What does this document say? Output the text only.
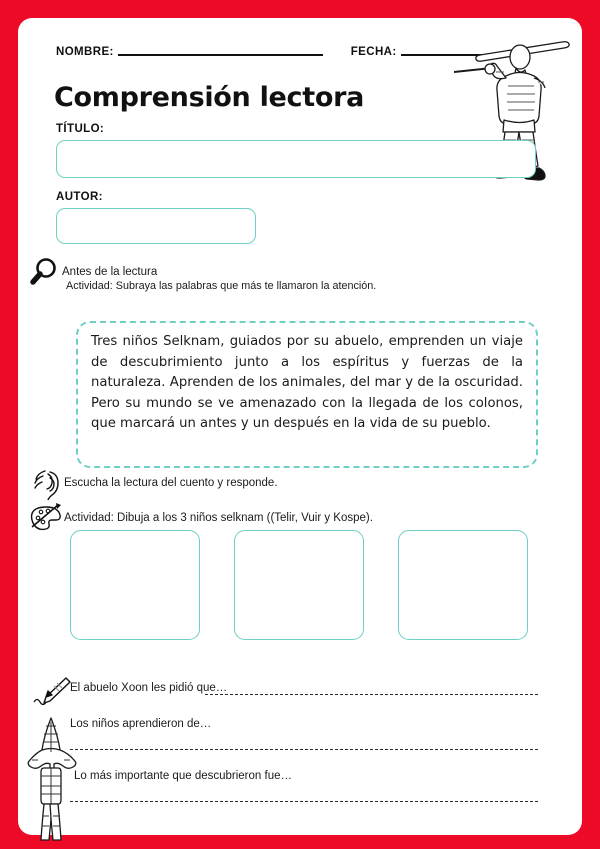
NOMBRE:	FECHA:
Comprensión lectora
TÍTULO:
AUTOR:
Antes de la lectura
Actividad: Subraya las palabras que más te llamaron la atención.

Tres niños Selknam, guiados por su abuelo, emprenden un viaje de descubrimiento junto a los espíritus y fuerzas de la naturaleza. Aprenden de los animales, del mar y de la oscuridad. Pero su mundo se ve amenazado con la llegada de los colonos, que marcará un antes y un después en la vida de su pueblo.

Escucha la lectura del cuento y responde.
Actividad: Dibuja a los 3 niños selknam ((Telir, Vuir y Kospe).
El abuelo Xoon les pidió que…
Los niños aprendieron de…
Lo más importante que descubrieron fue…
